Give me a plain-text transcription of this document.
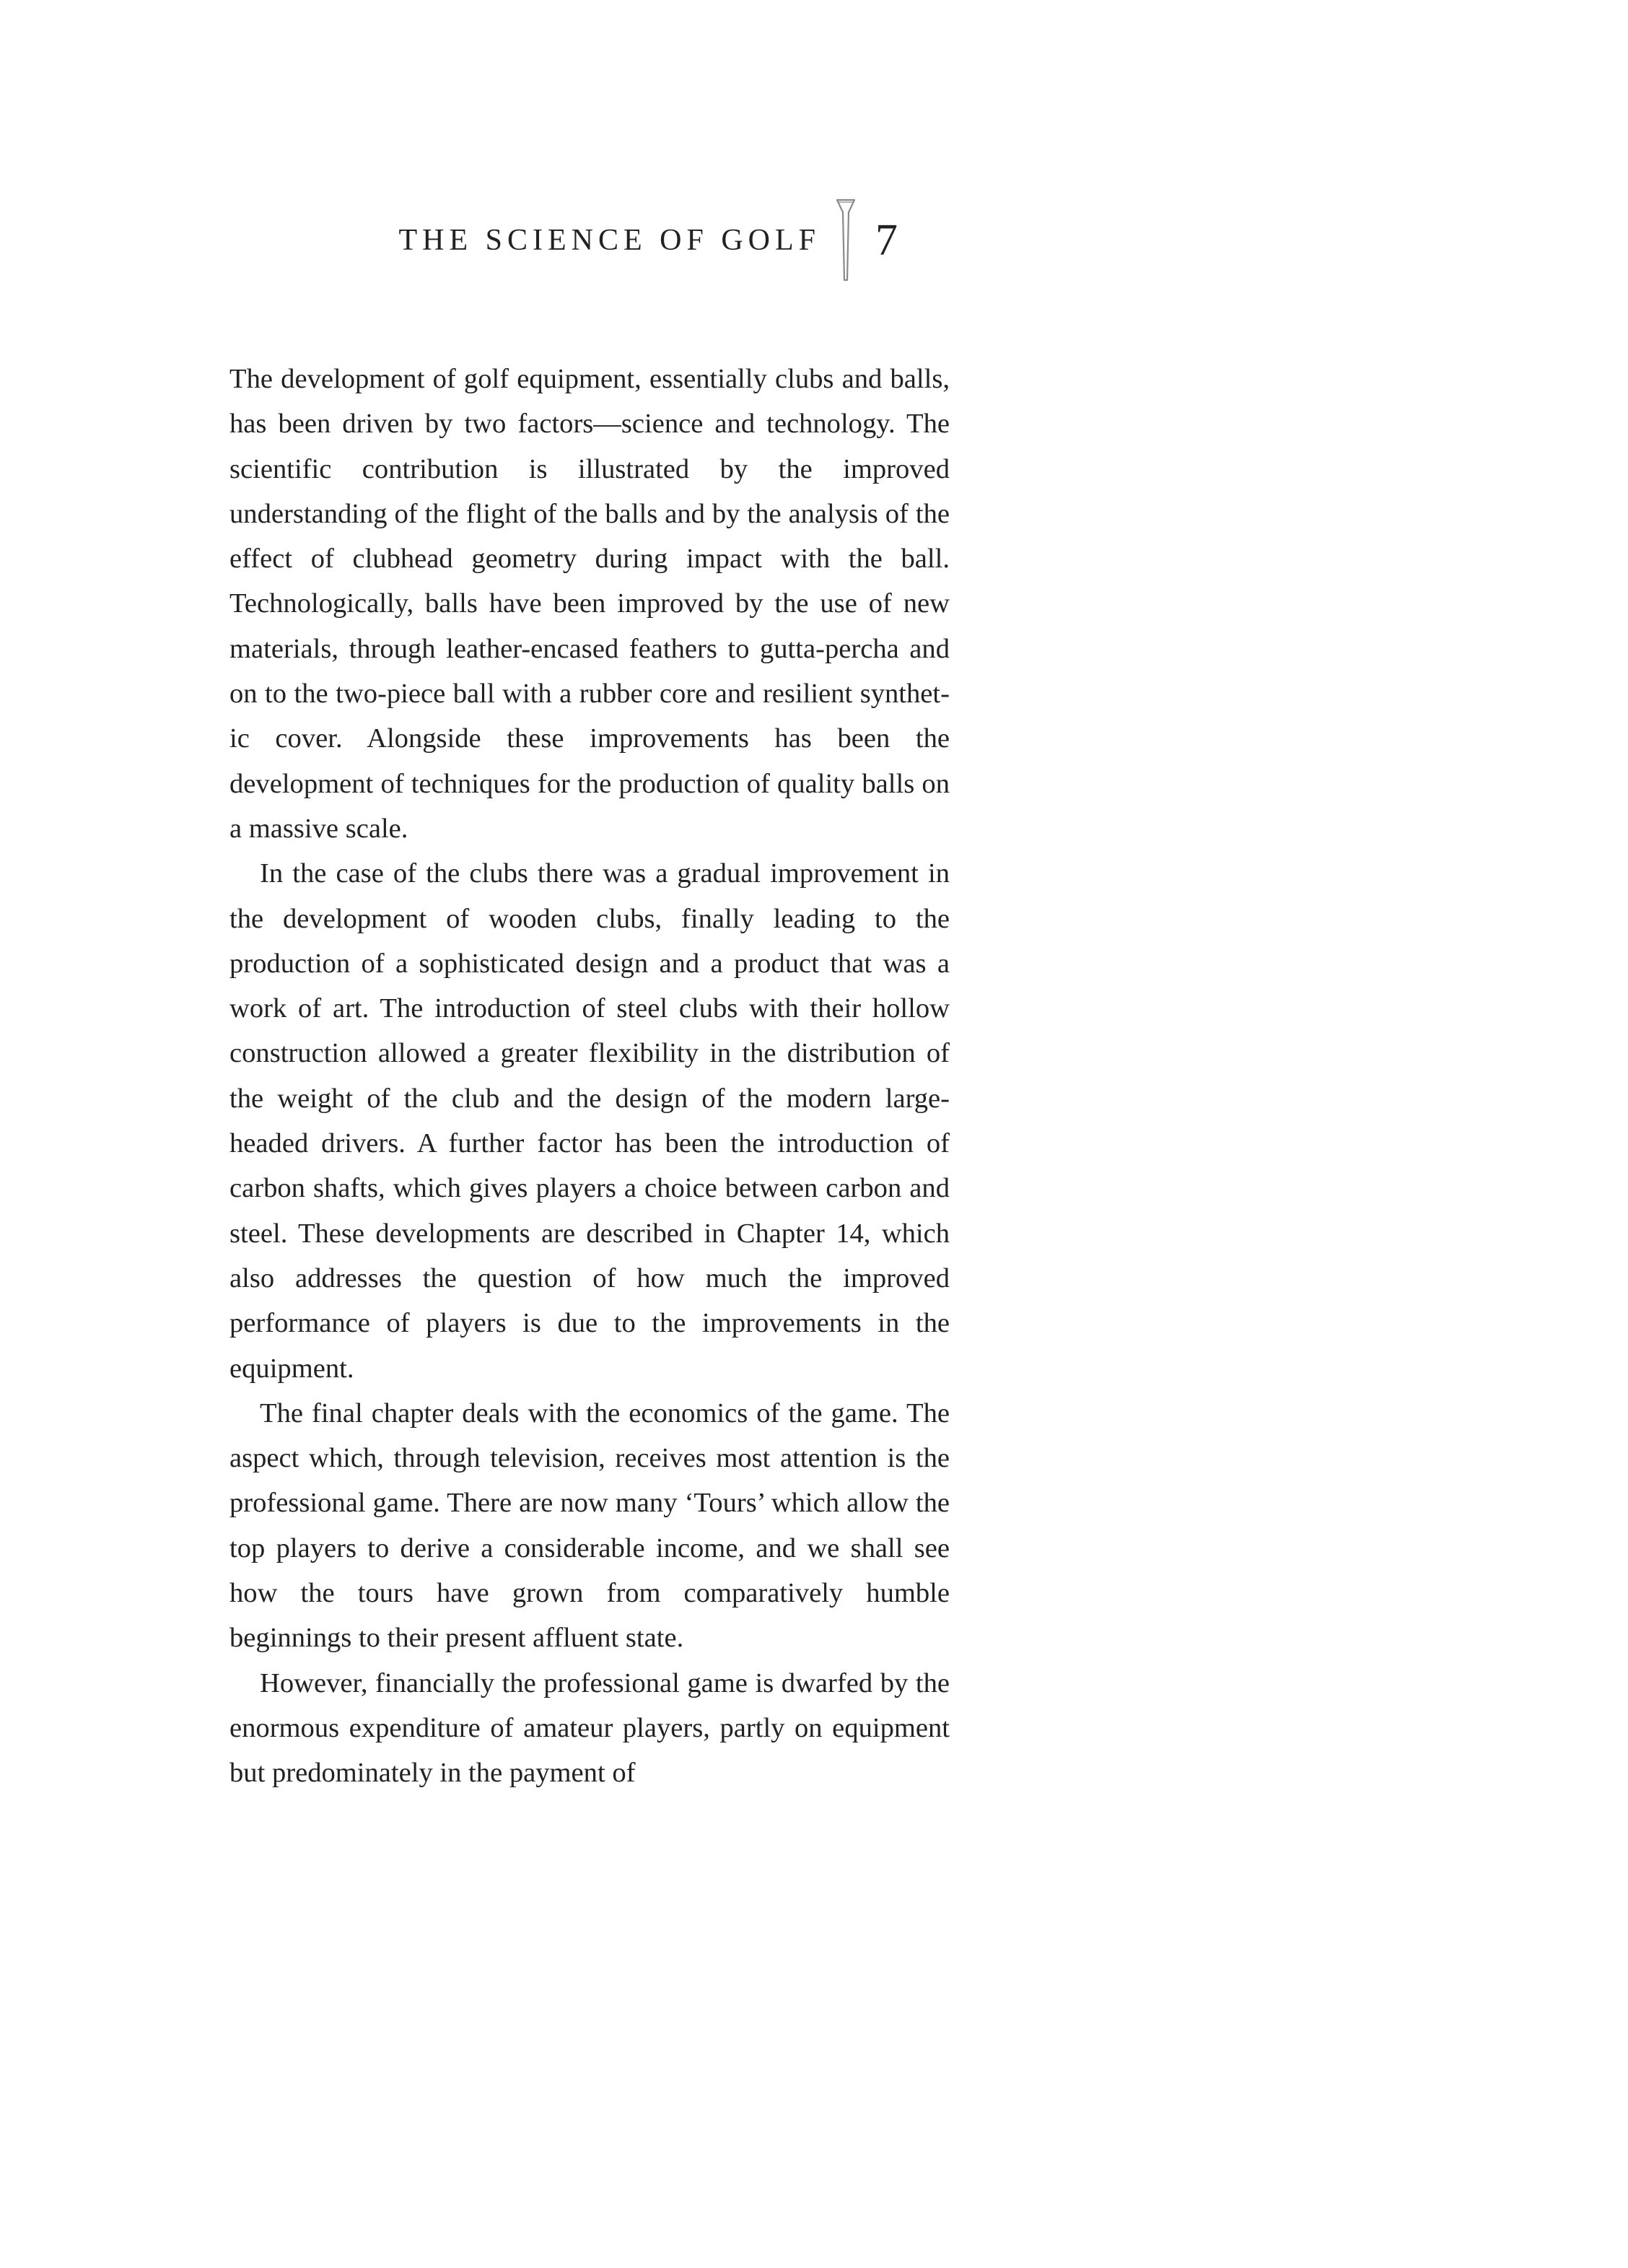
THE SCIENCE OF GOLF 7

The development of golf equipment, essentially clubs and balls, has been driven by two factors—science and technology. The scientific contribution is illustrated by the improved understanding of the flight of the balls and by the analysis of the effect of clubhead geometry during impact with the ball. Technologically, balls have been improved by the use of new materials, through leather-encased feathers to gutta-percha and on to the two-piece ball with a rubber core and resilient synthetic cover. Alongside these improvements has been the development of techniques for the production of quality balls on a massive scale.

In the case of the clubs there was a gradual improvement in the development of wooden clubs, finally leading to the production of a sophisticated design and a product that was a work of art. The introduction of steel clubs with their hollow construction allowed a greater flexibility in the distribution of the weight of the club and the design of the modern large-headed drivers. A further factor has been the introduction of carbon shafts, which gives players a choice between carbon and steel. These developments are described in Chapter 14, which also addresses the question of how much the improved performance of players is due to the improvements in the equipment.

The final chapter deals with the economics of the game. The aspect which, through television, receives most attention is the professional game. There are now many ‘Tours’ which allow the top players to derive a considerable income, and we shall see how the tours have grown from comparatively humble beginnings to their present affluent state.

However, financially the professional game is dwarfed by the enormous expenditure of amateur players, partly on equipment but predominately in the payment of
